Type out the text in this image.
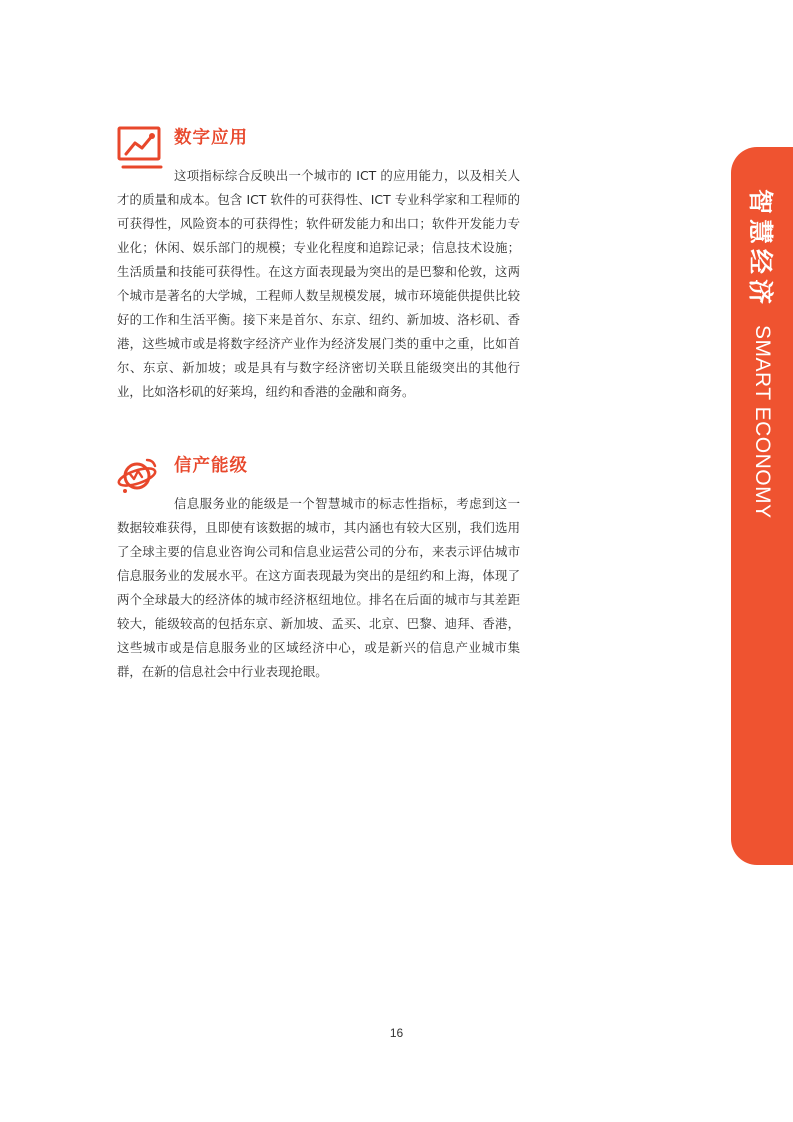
数字应用
这项指标综合反映出一个城市的 ICT 的应用能力，以及相关人才的质量和成本。包含 ICT 软件的可获得性、ICT 专业科学家和工程师的可获得性，风险资本的可获得性；软件研发能力和出口；软件开发能力专业化；休闲、娱乐部门的规模；专业化程度和追踪记录；信息技术设施；生活质量和技能可获得性。在这方面表现最为突出的是巴黎和伦敦，这两个城市是著名的大学城，工程师人数呈规模发展，城市环境能供提供比较好的工作和生活平衡。接下来是首尔、东京、纽约、新加坡、洛杉矶、香港，这些城市或是将数字经济产业作为经济发展门类的重中之重，比如首尔、东京、新加坡；或是具有与数字经济密切关联且能级突出的其他行业，比如洛杉矶的好莱坞，纽约和香港的金融和商务。
信产能级
信息服务业的能级是一个智慧城市的标志性指标，考虑到这一数据较难获得，且即使有该数据的城市，其内涵也有较大区别，我们选用了全球主要的信息业咨询公司和信息业运营公司的分布，来表示评估城市信息服务业的发展水平。在这方面表现最为突出的是纽约和上海，体现了两个全球最大的经济体的城市经济枢纽地位。排名在后面的城市与其差距较大，能级较高的包括东京、新加坡、孟买、北京、巴黎、迪拜、香港，这些城市或是信息服务业的区域经济中心，或是新兴的信息产业城市集群，在新的信息社会中行业表现抢眼。
智慧经济
SMART ECONOMY
16
